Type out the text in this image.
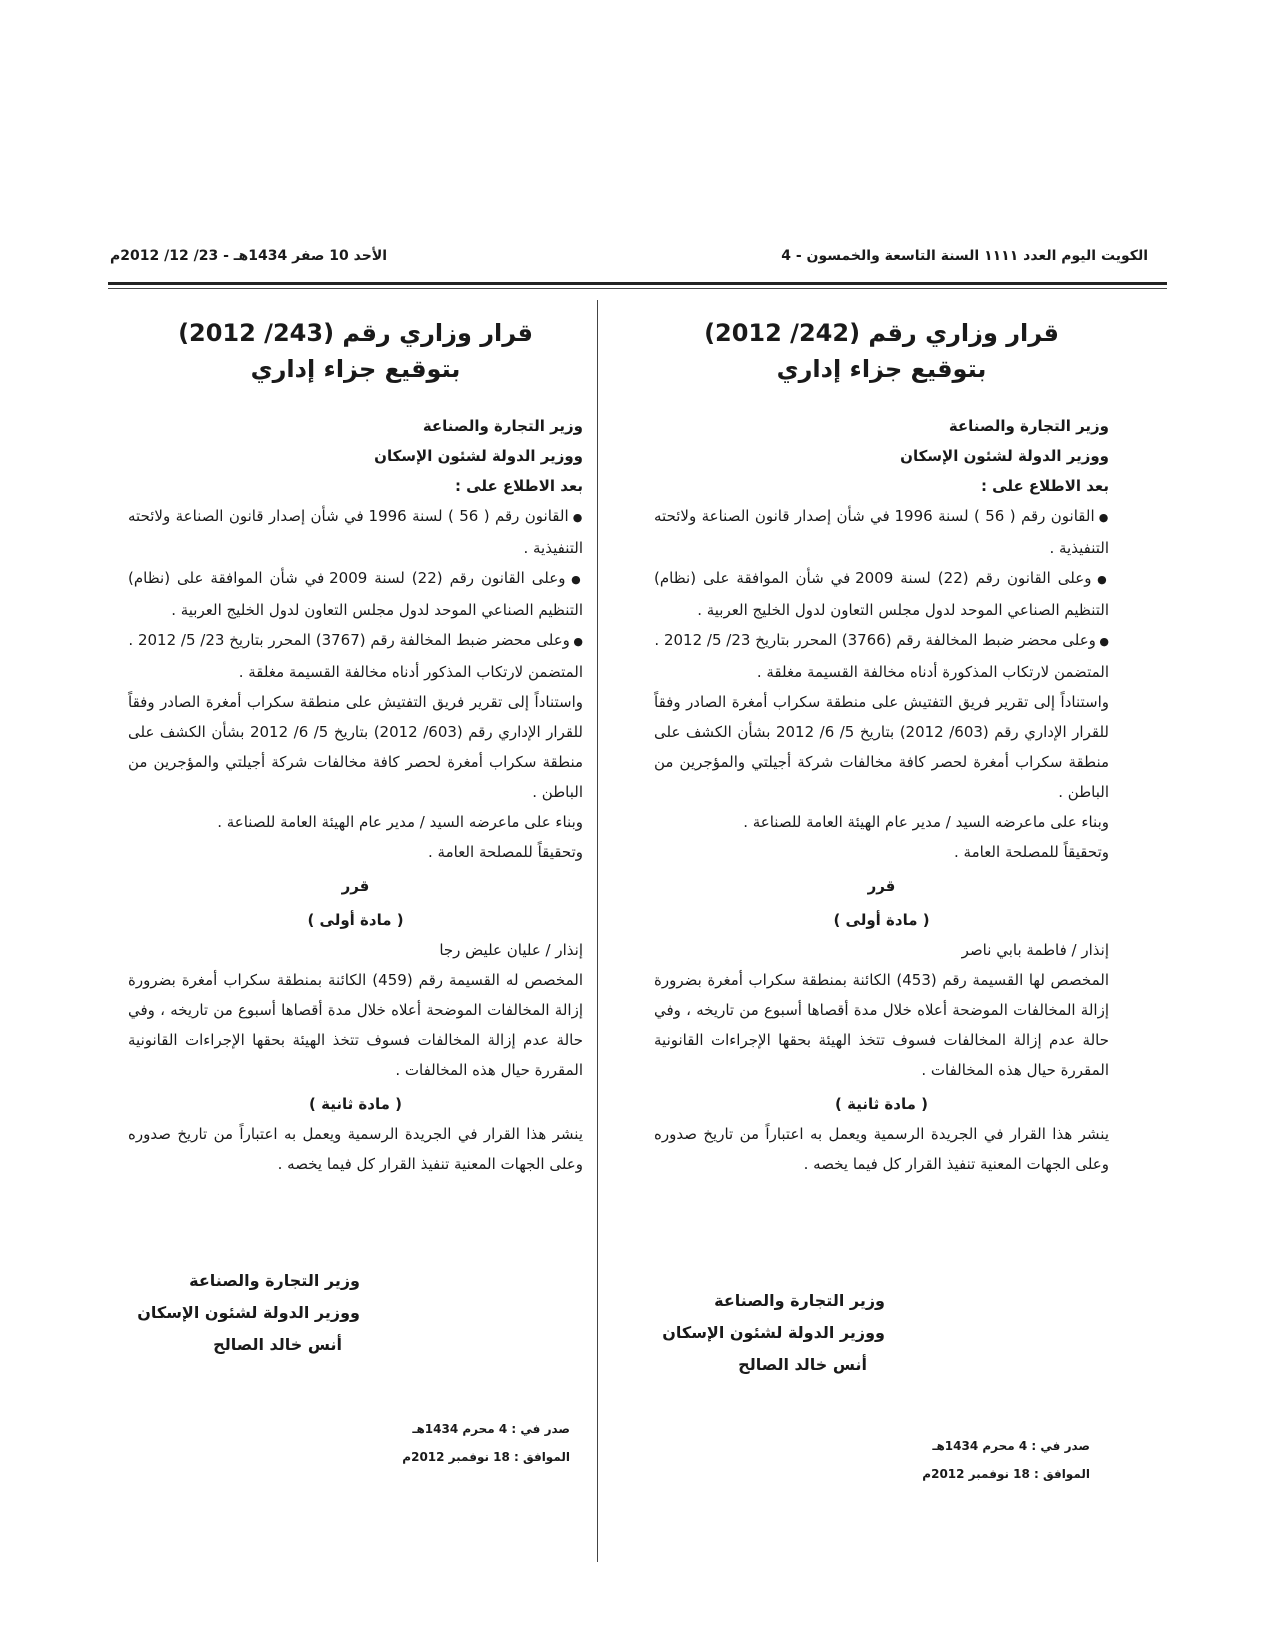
الكويت اليوم العدد ١١١١ السنة التاسعة والخمسون - 4
الأحد 10 صفر 1434هـ - 23/ 12/ 2012م

قرار وزاري رقم (242/ 2012)

بتوقيع جزاء إداري

وزير التجارة والصناعة

ووزير الدولة لشئون الإسكان

بعد الاطلاع على :

● القانون رقم ( 56 ) لسنة 1996 في شأن إصدار قانون الصناعة ولائحته التنفيذية .

● وعلى القانون رقم (22) لسنة 2009 في شأن الموافقة على (نظام) التنظيم الصناعي الموحد لدول مجلس التعاون لدول الخليج العربية .

● وعلى محضر ضبط المخالفة رقم (3766) المحرر بتاريخ 23/ 5/ 2012 .

المتضمن لارتكاب المذكورة أدناه مخالفة القسيمة مغلقة .

واستناداً إلى تقرير فريق التفتيش على منطقة سكراب أمغرة الصادر وفقاً للقرار الإداري رقم (603/ 2012) بتاريخ 5/ 6/ 2012 بشأن الكشف على منطقة سكراب أمغرة لحصر كافة مخالفات شركة أجيلتي والمؤجرين من الباطن .

وبناء على ماعرضه السيد / مدير عام الهيئة العامة للصناعة .

وتحقيقاً للمصلحة العامة .

قرر

( مادة أولى )

إنذار / فاطمة بابي ناصر

المخصص لها القسيمة رقم (453) الكائنة بمنطقة سكراب أمغرة بضرورة إزالة المخالفات الموضحة أعلاه خلال مدة أقصاها أسبوع من تاريخه ، وفي حالة عدم إزالة المخالفات فسوف تتخذ الهيئة بحقها الإجراءات القانونية المقررة حيال هذه المخالفات .

( مادة ثانية )

ينشر هذا القرار في الجريدة الرسمية ويعمل به اعتباراً من تاريخ صدوره وعلى الجهات المعنية تنفيذ القرار كل فيما يخصه .

وزير التجارة والصناعة
ووزير الدولة لشئون الإسكان
أنس خالد الصالح
صدر في : 4 محرم 1434هـ
الموافق : 18 نوفمبر 2012م

قرار وزاري رقم (243/ 2012)

بتوقيع جزاء إداري

وزير التجارة والصناعة

ووزير الدولة لشئون الإسكان

بعد الاطلاع على :

● القانون رقم ( 56 ) لسنة 1996 في شأن إصدار قانون الصناعة ولائحته التنفيذية .

● وعلى القانون رقم (22) لسنة 2009 في شأن الموافقة على (نظام) التنظيم الصناعي الموحد لدول مجلس التعاون لدول الخليج العربية .

● وعلى محضر ضبط المخالفة رقم (3767) المحرر بتاريخ 23/ 5/ 2012 .

المتضمن لارتكاب المذكور أدناه مخالفة القسيمة مغلقة .

واستناداً إلى تقرير فريق التفتيش على منطقة سكراب أمغرة الصادر وفقاً للقرار الإداري رقم (603/ 2012) بتاريخ 5/ 6/ 2012 بشأن الكشف على منطقة سكراب أمغرة لحصر كافة مخالفات شركة أجيلتي والمؤجرين من الباطن .

وبناء على ماعرضه السيد / مدير عام الهيئة العامة للصناعة .

وتحقيقاً للمصلحة العامة .

قرر

( مادة أولى )

إنذار / عليان عليض رجا

المخصص له القسيمة رقم (459) الكائنة بمنطقة سكراب أمغرة بضرورة إزالة المخالفات الموضحة أعلاه خلال مدة أقصاها أسبوع من تاريخه ، وفي حالة عدم إزالة المخالفات فسوف تتخذ الهيئة بحقها الإجراءات القانونية المقررة حيال هذه المخالفات .

( مادة ثانية )

ينشر هذا القرار في الجريدة الرسمية ويعمل به اعتباراً من تاريخ صدوره وعلى الجهات المعنية تنفيذ القرار كل فيما يخصه .

وزير التجارة والصناعة
ووزير الدولة لشئون الإسكان
أنس خالد الصالح
صدر في : 4 محرم 1434هـ
الموافق : 18 نوفمبر 2012م
